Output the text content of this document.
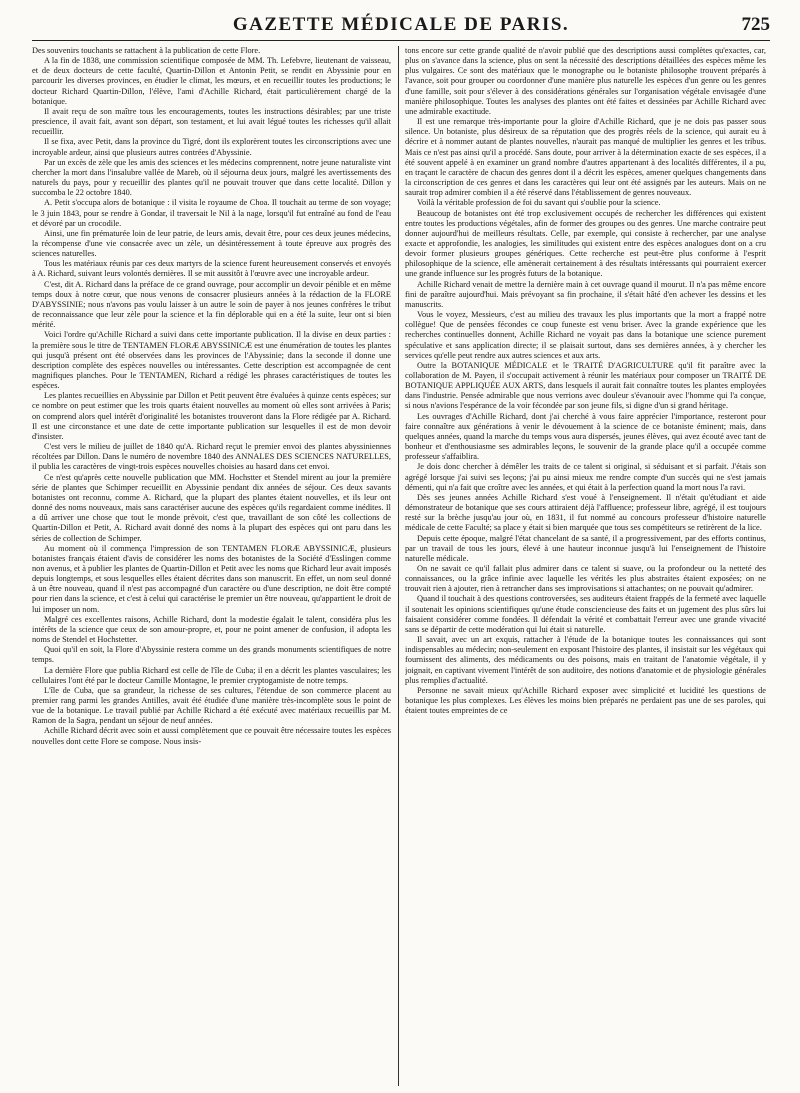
GAZETTE MÉDICALE DE PARIS.	725

Des souvenirs touchants se rattachent à la publication de cette Flore.

A la fin de 1838, une commission scientifique composée de MM. Th. Lefebvre, lieutenant de vaisseau, et de deux docteurs de cette faculté, Quartin-Dillon et Antonin Petit, se rendit en Abyssinie pour en parcourir les diverses provinces, en étudier le climat, les mœurs, et en recueillir toutes les productions; le docteur Richard Quartin-Dillon, l'élève, l'ami d'Achille Richard, était particulièrement chargé de la botanique.

Il avait reçu de son maître tous les encouragements, toutes les instructions désirables; par une triste prescience, il avait fait, avant son départ, son testament, et lui avait légué toutes les richesses qu'il allait recueillir.

Il se fixa, avec Petit, dans la province du Tigré, dont ils explorèrent toutes les circonscriptions avec une incroyable ardeur, ainsi que plusieurs autres contrées d'Abyssinie.

Par un excès de zèle que les amis des sciences et les médecins comprennent, notre jeune naturaliste vint chercher la mort dans l'insalubre vallée de Mareb, où il séjourna deux jours, malgré les avertissements des naturels du pays, pour y recueillir des plantes qu'il ne pouvait trouver que dans cette localité. Dillon y succomba le 22 octobre 1840.

A. Petit s'occupa alors de botanique : il visita le royaume de Choa. Il touchait au terme de son voyage; le 3 juin 1843, pour se rendre à Gondar, il traversait le Nil à la nage, lorsqu'il fut entraîné au fond de l'eau et dévoré par un crocodile.

Ainsi, une fin prématurée loin de leur patrie, de leurs amis, devait être, pour ces deux jeunes médecins, la récompense d'une vie consacrée avec un zèle, un désintéressement à toute épreuve aux progrès des sciences naturelles.

Tous les matériaux réunis par ces deux martyrs de la science furent heureusement conservés et envoyés à A. Richard, suivant leurs volontés dernières. Il se mit aussitôt à l'œuvre avec une incroyable ardeur.

C'est, dit A. Richard dans la préface de ce grand ouvrage, pour accomplir un devoir pénible et en même temps doux à notre cœur, que nous venons de consacrer plusieurs années à la rédaction de la FLORE D'ABYSSINIE; nous n'avons pas voulu laisser à un autre le soin de payer à nos jeunes confrères le tribut de reconnaissance que leur zèle pour la science et la fin déplorable qui en a été la suite, leur ont si bien mérité.

Voici l'ordre qu'Achille Richard a suivi dans cette importante publication. Il la divise en deux parties : la première sous le titre de TENTAMEN FLORÆ ABYSSINICÆ est une énumération de toutes les plantes qui jusqu'à présent ont été observées dans les provinces de l'Abyssinie; dans la seconde il donne une description complète des espèces nouvelles ou intéressantes. Cette description est accompagnée de cent magnifiques planches. Pour le TENTAMEN, Richard a rédigé les phrases caractéristiques de toutes les espèces.

Les plantes recueillies en Abyssinie par Dillon et Petit peuvent être évaluées à quinze cents espèces; sur ce nombre on peut estimer que les trois quarts étaient nouvelles au moment où elles sont arrivées à Paris; on comprend alors quel intérêt d'originalité les botanistes trouveront dans la Flore rédigée par A. Richard. Il est une circonstance et une date de cette importante publication sur lesquelles il est de mon devoir d'insister.

C'est vers le milieu de juillet de 1840 qu'A. Richard reçut le premier envoi des plantes abyssiniennes récoltées par Dillon. Dans le numéro de novembre 1840 des ANNALES DES SCIENCES NATURELLES, il publia les caractères de vingt-trois espèces nouvelles choisies au hasard dans cet envoi.

Ce n'est qu'après cette nouvelle publication que MM. Hochstter et Stendel mirent au jour la première série de plantes que Schimper recueillit en Abyssinie pendant dix années de séjour. Ces deux savants botanistes ont reconnu, comme A. Richard, que la plupart des plantes étaient nouvelles, et ils leur ont donné des noms nouveaux, mais sans caractériser aucune des espèces qu'ils regardaient comme inédites. Il a dû arriver une chose que tout le monde prévoit, c'est que, travaillant de son côté les collections de Quartin-Dillon et Petit, A. Richard avait donné des noms à la plupart des espèces qui ont paru dans les séries de collection de Schimper.

Au moment où il commença l'impression de son TENTAMEN FLORÆ ABYSSINICÆ, plusieurs botanistes français étaient d'avis de considérer les noms des botanistes de la Société d'Esslingen comme non avenus, et à publier les plantes de Quartin-Dillon et Petit avec les noms que Richard leur avait imposés depuis longtemps, et sous lesquelles elles étaient décrites dans son manuscrit. En effet, un nom seul donné à un être nouveau, quand il n'est pas accompagné d'un caractère ou d'une description, ne doit être compté pour rien dans la science, et c'est à celui qui caractérise le premier un être nouveau, qu'appartient le droit de lui imposer un nom.

Malgré ces excellentes raisons, Achille Richard, dont la modestie égalait le talent, considéra plus les intérêts de la science que ceux de son amour-propre, et, pour ne point amener de confusion, il adopta les noms de Stendel et Hochstetter.

Quoi qu'il en soit, la Flore d'Abyssinie restera comme un des grands monuments scientifiques de notre temps.

La dernière Flore que publia Richard est celle de l'île de Cuba; il en a décrit les plantes vasculaires; les cellulaires l'ont été par le docteur Camille Montagne, le premier cryptogamiste de notre temps.

L'île de Cuba, que sa grandeur, la richesse de ses cultures, l'étendue de son commerce placent au premier rang parmi les grandes Antilles, avait été étudiée d'une manière très-incomplète sous le point de vue de la botanique. Le travail publié par Achille Richard a été exécuté avec matériaux recueillis par M. Ramon de la Sagra, pendant un séjour de neuf années.

Achille Richard décrit avec soin et aussi complètement que ce pouvait être nécessaire toutes les espèces nouvelles dont cette Flore se compose. Nous insis-

tons encore sur cette grande qualité de n'avoir publié que des descriptions aussi complètes qu'exactes, car, plus on s'avance dans la science, plus on sent la nécessité des descriptions détaillées des espèces même les plus vulgaires. Ce sont des matériaux que le monographe ou le botaniste philosophe trouvent préparés à l'avance, soit pour grouper ou coordonner d'une manière plus naturelle les espèces d'un genre ou les genres d'une famille, soit pour s'élever à des considérations générales sur l'organisation végétale envisagée d'une manière philosophique. Toutes les analyses des plantes ont été faites et dessinées par Achille Richard avec une admirable exactitude.

Il est une remarque très-importante pour la gloire d'Achille Richard, que je ne dois pas passer sous silence. Un botaniste, plus désireux de sa réputation que des progrès réels de la science, qui aurait eu à décrire et à nommer autant de plantes nouvelles, n'aurait pas manqué de multiplier les genres et les tribus. Mais ce n'est pas ainsi qu'il a procédé. Sans doute, pour arriver à la détermination exacte de ses espèces, il a été souvent appelé à en examiner un grand nombre d'autres appartenant à des localités différentes, il a pu, en traçant le caractère de chacun des genres dont il a décrit les espèces, amener quelques changements dans la circonscription de ces genres et dans les caractères qui leur ont été assignés par les auteurs. Mais on ne saurait trop admirer combien il a été réservé dans l'établissement de genres nouveaux.

Voilà la véritable profession de foi du savant qui s'oublie pour la science.

Beaucoup de botanistes ont été trop exclusivement occupés de rechercher les différences qui existent entre toutes les productions végétales, afin de former des groupes ou des genres. Une marche contraire peut donner aujourd'hui de meilleurs résultats. Celle, par exemple, qui consiste à rechercher, par une analyse exacte et approfondie, les analogies, les similitudes qui existent entre des espèces analogues dont on a cru devoir former plusieurs groupes génériques. Cette recherche est peut-être plus conforme à l'esprit philosophique de la science, elle amènerait certainement à des résultats intéressants qui pourraient exercer une grande influence sur les progrès futurs de la botanique.

Achille Richard venait de mettre la dernière main à cet ouvrage quand il mourut. Il n'a pas même encore fini de paraître aujourd'hui. Mais prévoyant sa fin prochaine, il s'était hâté d'en achever les dessins et les manuscrits.

Vous le voyez, Messieurs, c'est au milieu des travaux les plus importants que la mort a frappé notre collègue! Que de pensées fécondes ce coup funeste est venu briser. Avec la grande expérience que les recherches continuelles donnent, Achille Richard ne voyait pas dans la botanique une science purement spéculative et sans application directe; il se plaisait surtout, dans ses dernières années, à y chercher les services qu'elle peut rendre aux autres sciences et aux arts.

Outre la BOTANIQUE MÉDICALE et le TRAITÉ D'AGRICULTURE qu'il fit paraître avec la collaboration de M. Payen, il s'occupait activement à réunir les matériaux pour composer un TRAITÉ DE BOTANIQUE APPLIQUÉE AUX ARTS, dans lesquels il aurait fait connaître toutes les plantes employées dans l'industrie. Pensée admirable que nous verrions avec douleur s'évanouir avec l'homme qui l'a conçue, si nous n'avions l'espérance de la voir fécondée par son jeune fils, si digne d'un si grand héritage.

Les ouvrages d'Achille Richard, dont j'ai cherché à vous faire apprécier l'importance, resteront pour faire connaître aux générations à venir le dévouement à la science de ce botaniste éminent; mais, dans quelques années, quand la marche du temps vous aura dispersés, jeunes élèves, qui avez écouté avec tant de bonheur et d'enthousiasme ses admirables leçons, le souvenir de la grande place qu'il a occupée comme professeur s'affaiblira.

Je dois donc chercher à démêler les traits de ce talent si original, si séduisant et si parfait. J'étais son agrégé lorsque j'ai suivi ses leçons; j'ai pu ainsi mieux me rendre compte d'un succès qui ne s'est jamais démenti, qui n'a fait que croître avec les années, et qui était à la perfection quand la mort nous l'a ravi.

Dès ses jeunes années Achille Richard s'est voué à l'enseignement. Il n'était qu'étudiant et aide démonstrateur de botanique que ses cours attiraient déjà l'affluence; professeur libre, agrégé, il est toujours resté sur la brèche jusqu'au jour où, en 1831, il fut nommé au concours professeur d'histoire naturelle médicale de cette Faculté; sa place y était si bien marquée que tous ses compétiteurs se retirèrent de la lice.

Depuis cette époque, malgré l'état chancelant de sa santé, il a progressivement, par des efforts continus, par un travail de tous les jours, élevé à une hauteur inconnue jusqu'à lui l'enseignement de l'histoire naturelle médicale.

On ne savait ce qu'il fallait plus admirer dans ce talent si suave, ou la profondeur ou la netteté des connaissances, ou la grâce infinie avec laquelle les vérités les plus abstraites étaient exposées; on ne trouvait rien à ajouter, rien à retrancher dans ses improvisations si attachantes; on ne pouvait qu'admirer.

Quand il touchait à des questions controversées, ses auditeurs étaient frappés de la fermeté avec laquelle il soutenait les opinions scientifiques qu'une étude consciencieuse des faits et un jugement des plus sûrs lui faisaient considérer comme fondées. Il défendait la vérité et combattait l'erreur avec une grande vivacité sans se départir de cette modération qui lui était si naturelle.

Il savait, avec un art exquis, rattacher à l'étude de la botanique toutes les connaissances qui sont indispensables au médecin; non-seulement en exposant l'histoire des plantes, il insistait sur les végétaux qui fournissent des aliments, des médicaments ou des poisons, mais en traitant de l'anatomie végétale, il y joignait, en captivant vivement l'intérêt de son auditoire, des notions d'anatomie et de physiologie générales plus remplies d'actualité.

Personne ne savait mieux qu'Achille Richard exposer avec simplicité et lucidité les questions de botanique les plus complexes. Les élèves les moins bien préparés ne perdaient pas une de ses paroles, qui étaient toutes empreintes de ce
